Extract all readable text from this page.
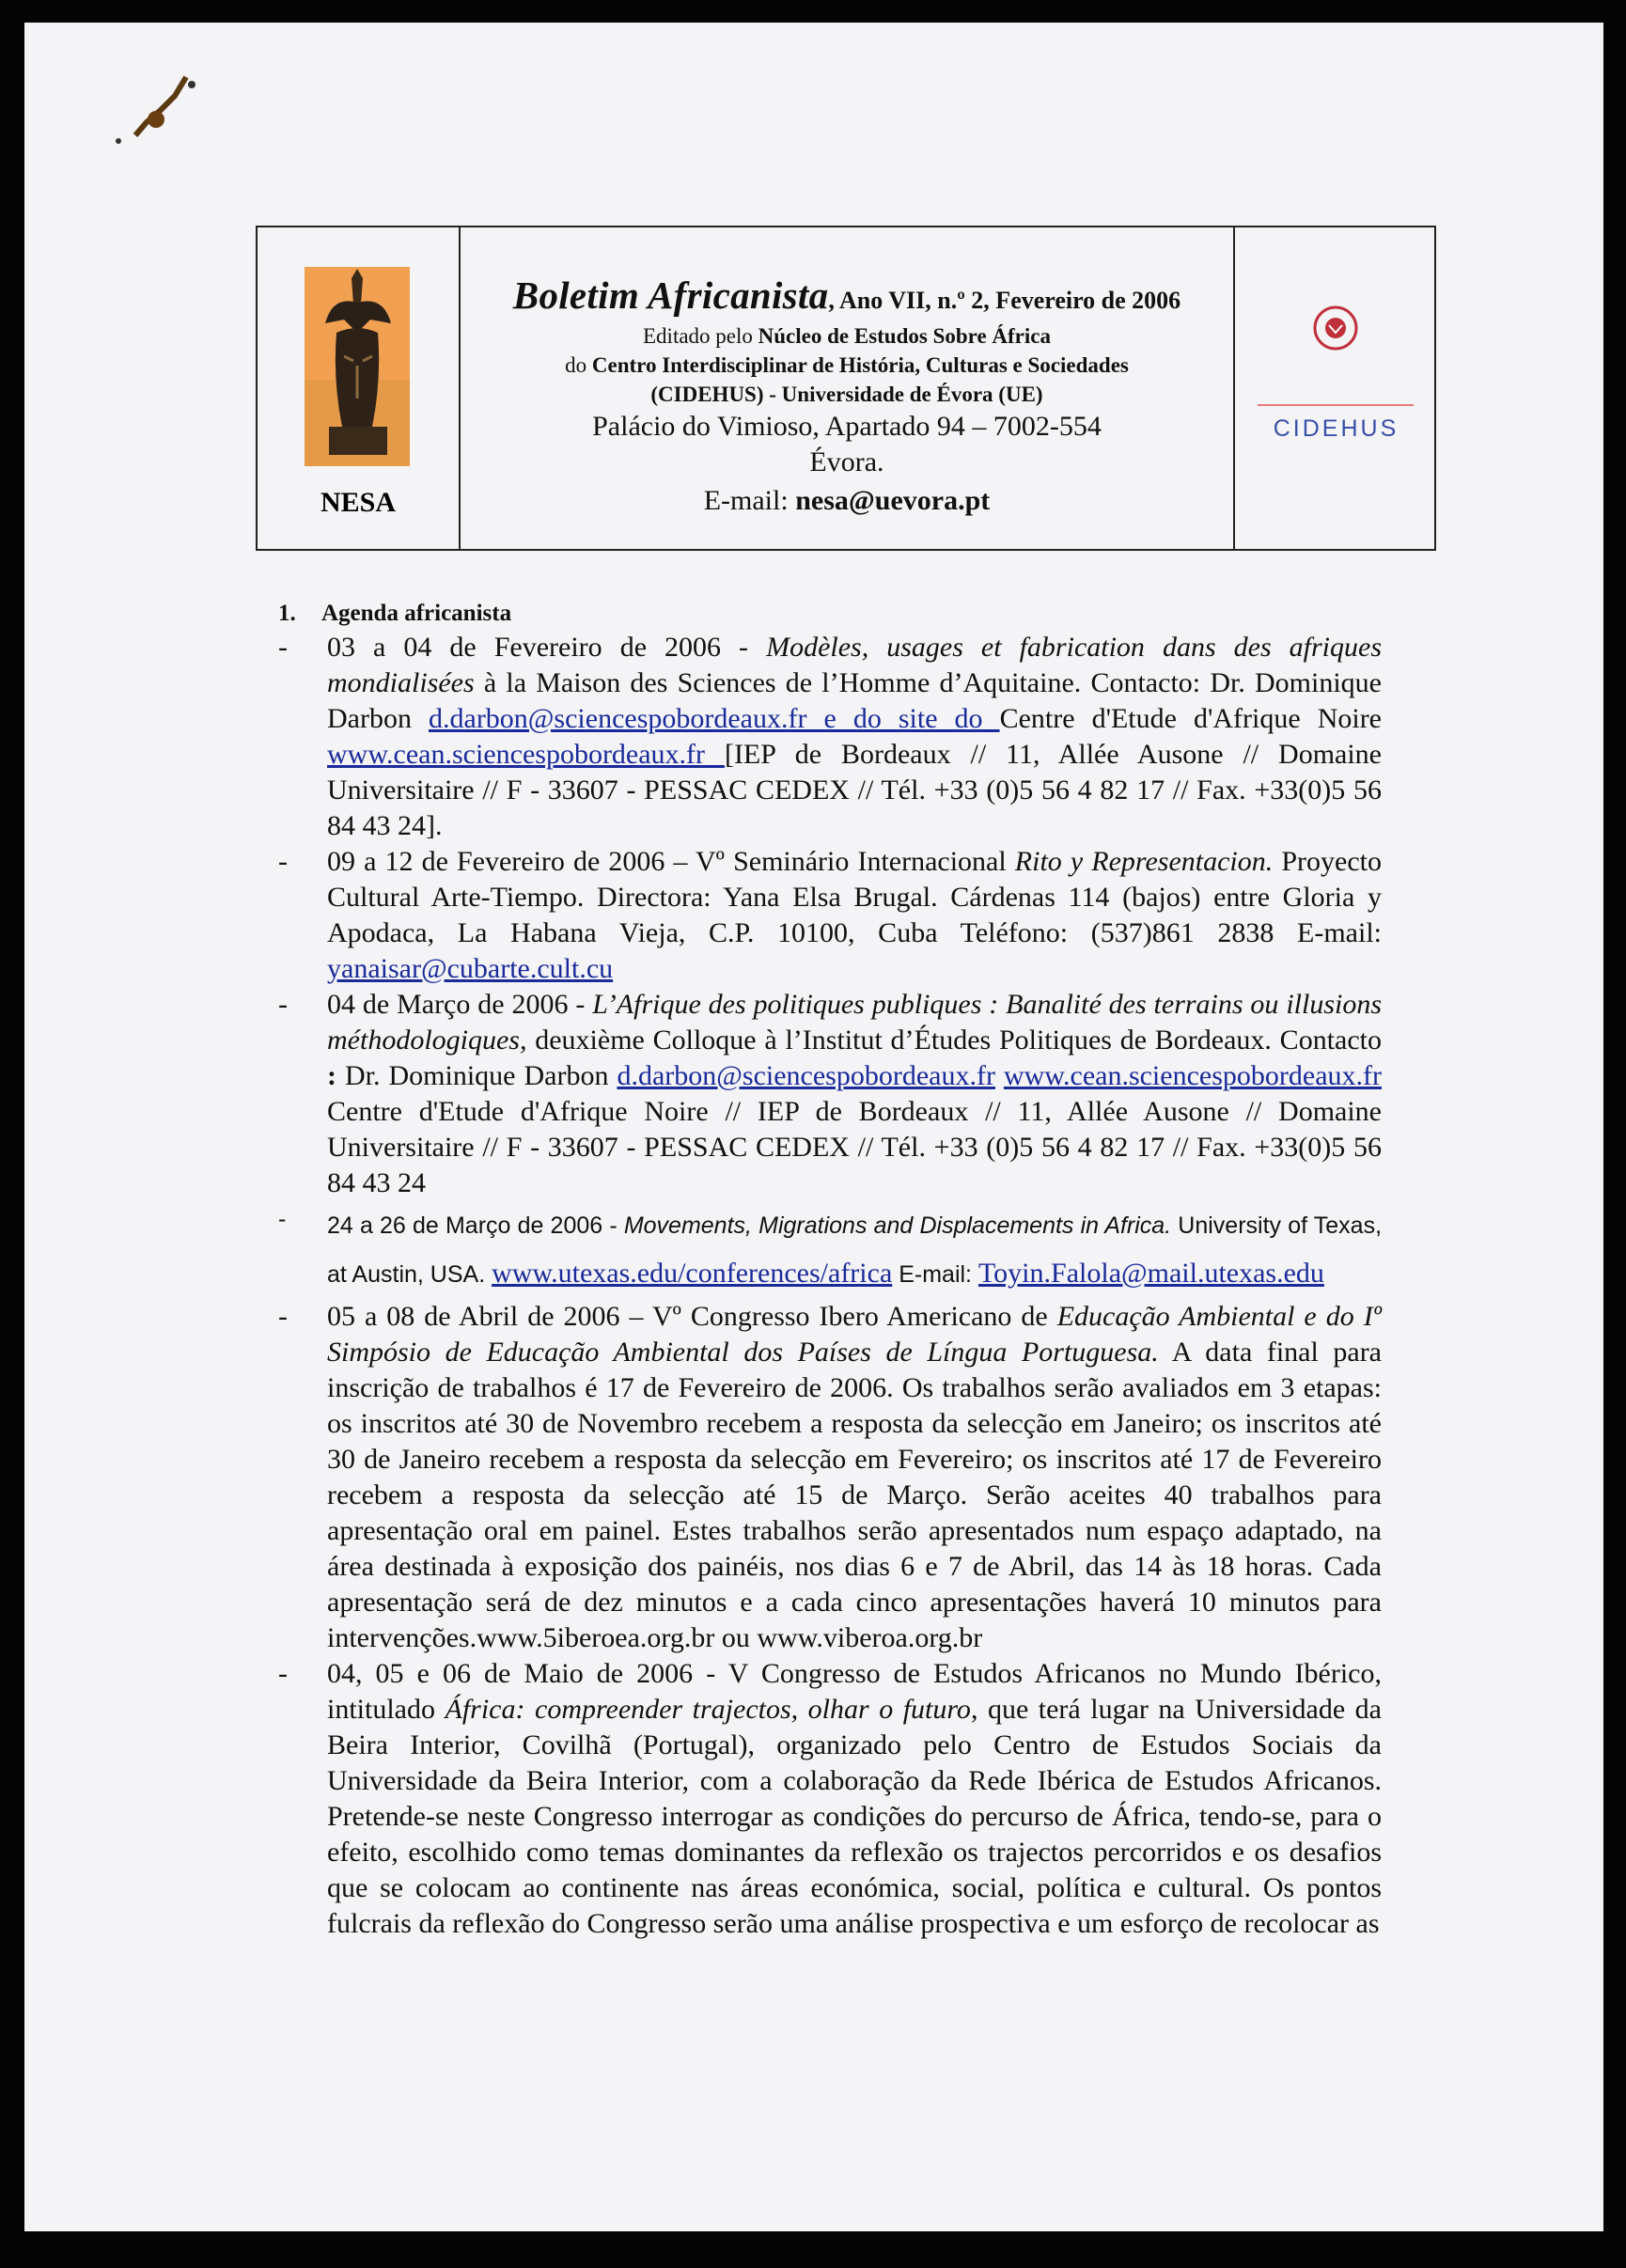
NESA
Boletim Africanista, Ano VII, n.º 2, Fevereiro de 2006
Editado pelo Núcleo de Estudos Sobre África
do Centro Interdisciplinar de História, Culturas e Sociedades
(CIDEHUS) - Universidade de Évora (UE)
Palácio do Vimioso, Apartado 94 – 7002-554
Évora.
E-mail: nesa@uevora.pt
CIDEHUS
1. Agenda africanista
- 03 a 04 de Fevereiro de 2006 - Modèles, usages et fabrication dans des afriques mondialisées à la Maison des Sciences de l’Homme d’Aquitaine. Contacto: Dr. Dominique Darbon d.darbon@sciencespobordeaux.fr e do site do Centre d'Etude d'Afrique Noire www.cean.sciencespobordeaux.fr [IEP de Bordeaux // 11, Allée Ausone // Domaine Universitaire // F - 33607 - PESSAC CEDEX // Tél. +33 (0)5 56 4 82 17 // Fax. +33(0)5 56 84 43 24].
- 09 a 12 de Fevereiro de 2006 – Vº Seminário Internacional Rito y Representacion. Proyecto Cultural Arte-Tiempo. Directora: Yana Elsa Brugal. Cárdenas 114 (bajos) entre Gloria y Apodaca, La Habana Vieja, C.P. 10100, Cuba Teléfono: (537)861 2838 E-mail: yanaisar@cubarte.cult.cu
- 04 de Março de 2006 - L’Afrique des politiques publiques : Banalité des terrains ou illusions méthodologiques, deuxième Colloque à l’Institut d’Études Politiques de Bordeaux. Contacto : Dr. Dominique Darbon d.darbon@sciencespobordeaux.fr www.cean.sciencespobordeaux.fr Centre d'Etude d'Afrique Noire // IEP de Bordeaux // 11, Allée Ausone // Domaine Universitaire // F - 33607 - PESSAC CEDEX // Tél. +33 (0)5 56 4 82 17 // Fax. +33(0)5 56 84 43 24
- 24 a 26 de Março de 2006 - Movements, Migrations and Displacements in Africa. University of Texas, at Austin, USA. www.utexas.edu/conferences/africa E-mail: Toyin.Falola@mail.utexas.edu
- 05 a 08 de Abril de 2006 – Vº Congresso Ibero Americano de Educação Ambiental e do Iº Simpósio de Educação Ambiental dos Países de Língua Portuguesa. A data final para inscrição de trabalhos é 17 de Fevereiro de 2006. Os trabalhos serão avaliados em 3 etapas: os inscritos até 30 de Novembro recebem a resposta da selecção em Janeiro; os inscritos até 30 de Janeiro recebem a resposta da selecção em Fevereiro; os inscritos até 17 de Fevereiro recebem a resposta da selecção até 15 de Março. Serão aceites 40 trabalhos para apresentação oral em painel. Estes trabalhos serão apresentados num espaço adaptado, na área destinada à exposição dos painéis, nos dias 6 e 7 de Abril, das 14 às 18 horas. Cada apresentação será de dez minutos e a cada cinco apresentações haverá 10 minutos para intervenções.www.5iberoea.org.br ou www.viberoa.org.br
- 04, 05 e 06 de Maio de 2006 - V Congresso de Estudos Africanos no Mundo Ibérico, intitulado África: compreender trajectos, olhar o futuro, que terá lugar na Universidade da Beira Interior, Covilhã (Portugal), organizado pelo Centro de Estudos Sociais da Universidade da Beira Interior, com a colaboração da Rede Ibérica de Estudos Africanos. Pretende-se neste Congresso interrogar as condições do percurso de África, tendo-se, para o efeito, escolhido como temas dominantes da reflexão os trajectos percorridos e os desafios que se colocam ao continente nas áreas económica, social, política e cultural. Os pontos fulcrais da reflexão do Congresso serão uma análise prospectiva e um esforço de recolocar as
